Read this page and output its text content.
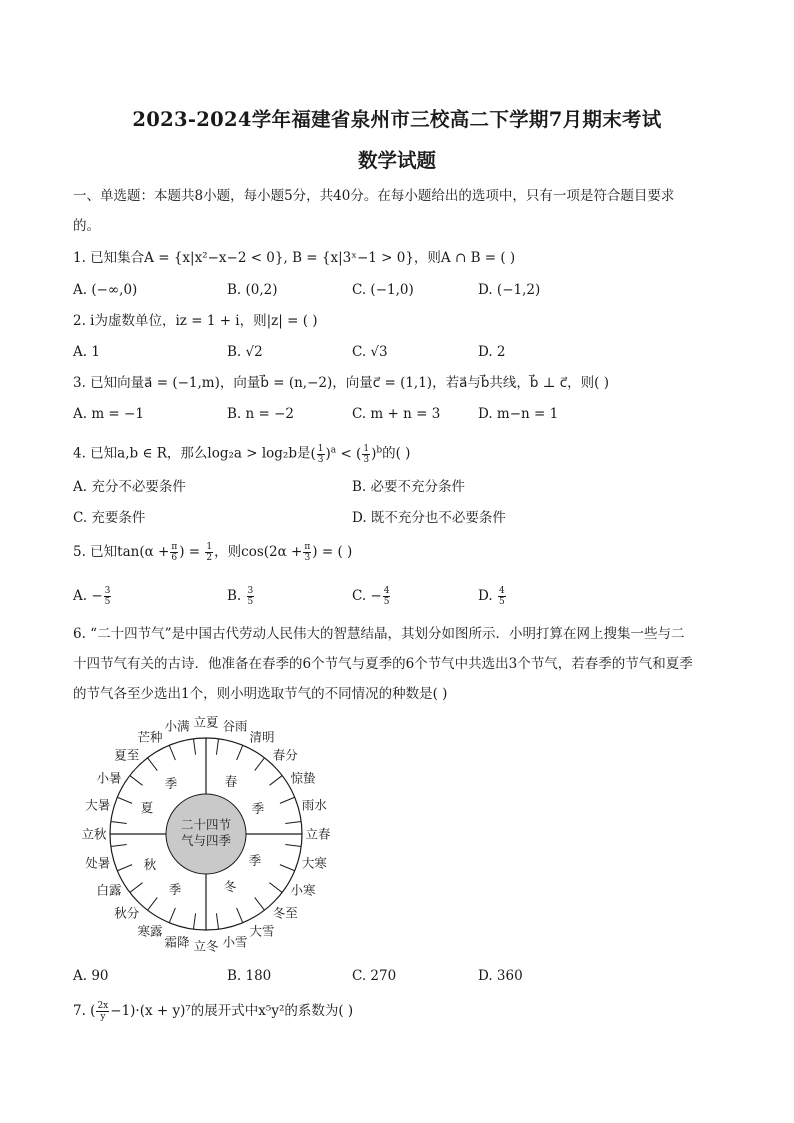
2023-2024学年福建省泉州市三校高二下学期7月期末考试
数学试题
一、单选题：本题共8小题，每小题5分，共40分。在每小题给出的选项中，只有一项是符合题目要求
的。
1. 已知集合A = {x|x²−x−2 < 0}, B = {x|3ˣ−1 > 0}，则A ∩ B = ( )
A. (−∞,0)	B. (0,2)	C. (−1,0)	D. (−1,2)
2. i为虚数单位，iz = 1 + i，则|z| = ( )
A. 1	B. √2	C. √3	D. 2
3. 已知向量a⃗ = (−1,m)，向量b⃗ = (n,−2)，向量c⃗ = (1,1)，若a⃗与b⃗共线，b⃗ ⊥ c⃗，则( )
A. m = −1	B. n = −2	C. m + n = 3	D. m−n = 1
4. 已知a,b ∈ R，那么log₂a > log₂b是( $\frac{1}{3} )^a$ < ( $\frac{1}{3} )^b$的( )
A. 充分不必要条件	B. 必要不充分条件
C. 充要条件	D. 既不充分也不必要条件
5. 已知$\tan(\alpha + \frac{\pi}{6}$ ) = $\frac{1}{2}$ ，则$\cos(2\alpha + \frac{\pi}{3}$ ) = ( )
A. − $\frac{3}{5}$	B. $\frac{3}{5}$	C. − $\frac{4}{5}$	D. $\frac{4}{5}$
6. “二十四节气”是中国古代劳动人民伟大的智慧结晶，其划分如图所示．小明打算在网上搜集一些与二
十四节气有关的古诗．他准备在春季的6个节气与夏季的6个节气中共选出3个节气，若春季的节气和夏季
的节气各至少选出1个，则小明选取节气的不同情况的种数是( )
二十四节
气与四季
春
季
季
冬
季
秋
夏
季
立春
雨水
惊蛰
春分
清明
谷雨
立夏
小满
芒种
夏至
小暑
大暑
立秋
处暑
白露
秋分
寒露
霜降 立冬 小雪
大雪
冬至
小寒
大寒
A. 90	B. 180	C. 270	D. 360
7. ( $\frac{2x}{y} -1)\cdot(x + y)^7$的展开式中x⁵y²的系数为( )
